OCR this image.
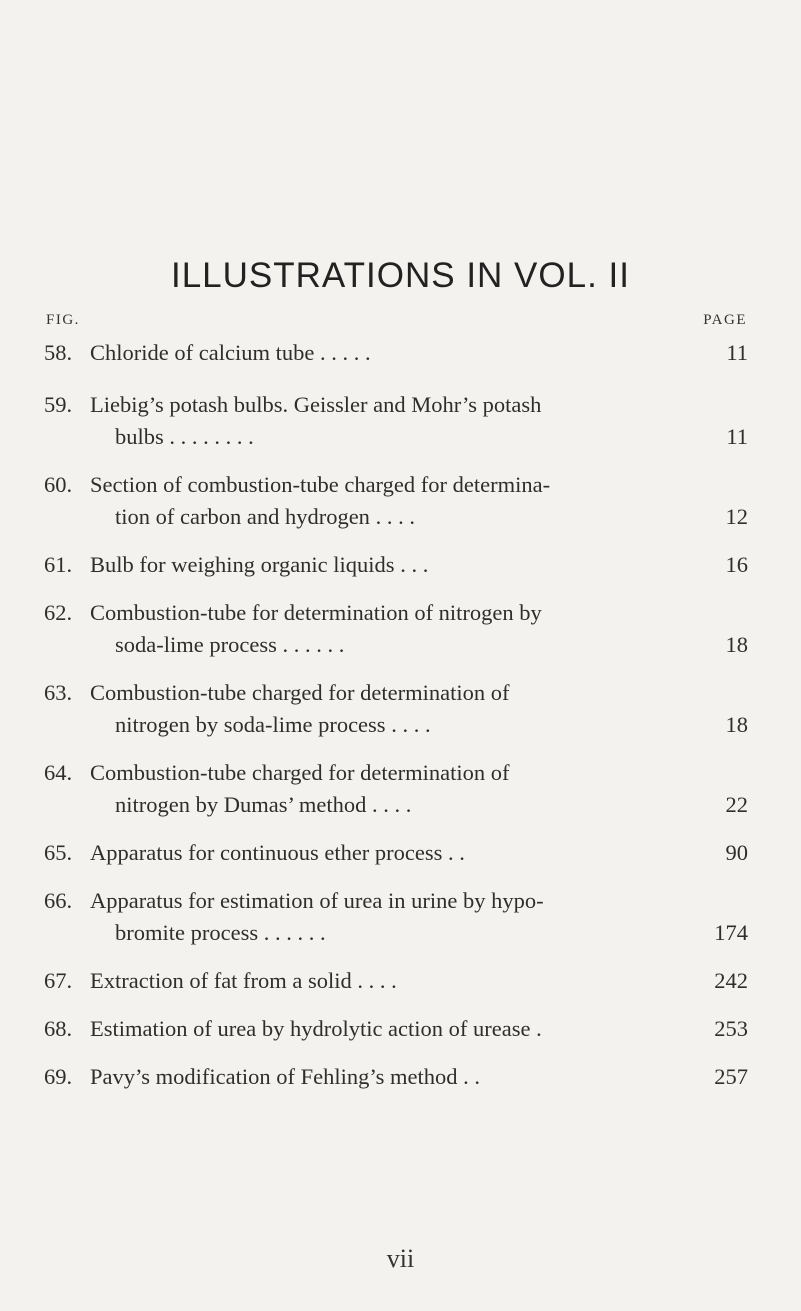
ILLUSTRATIONS IN VOL. II
FIG.	PAGE
58. Chloride of calcium tube . . . . .	11
59. Liebig’s potash bulbs. Geissler and Mohr’s potash
bulbs . . . . . . . .	11
60. Section of combustion-tube charged for determina-
tion of carbon and hydrogen . . . .	12
61. Bulb for weighing organic liquids . . .	16
62. Combustion-tube for determination of nitrogen by
soda-lime process . . . . . .	18
63. Combustion-tube charged for determination of
nitrogen by soda-lime process . . . .	18
64. Combustion-tube charged for determination of
nitrogen by Dumas’ method . . . .	22
65. Apparatus for continuous ether process . .	90
66. Apparatus for estimation of urea in urine by hypo-
bromite process . . . . . .	174
67. Extraction of fat from a solid . . . .	242
68. Estimation of urea by hydrolytic action of urease .	253
69. Pavy’s modification of Fehling’s method . .	257
vii
